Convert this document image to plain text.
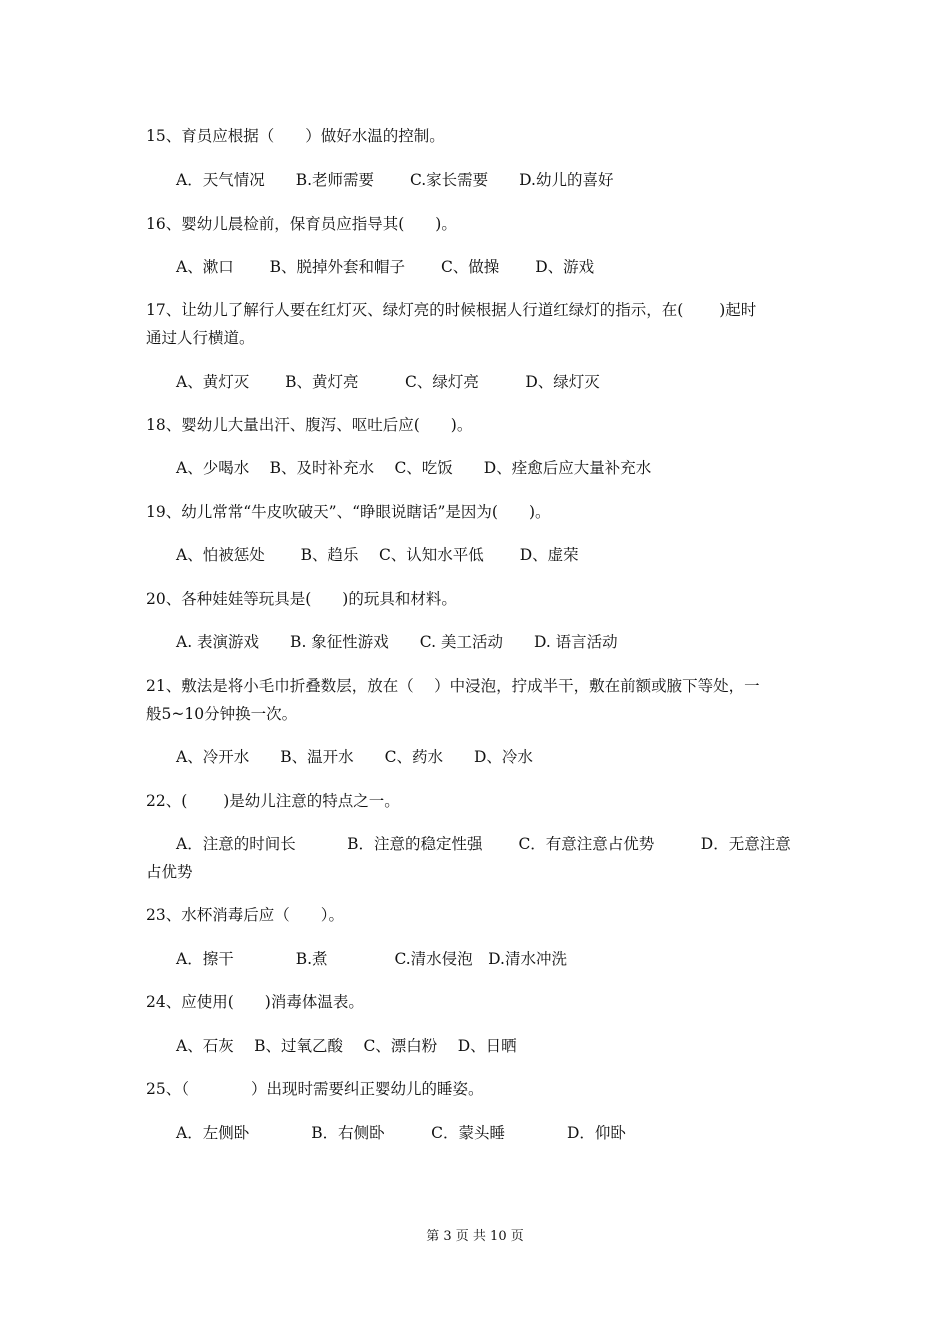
15、育员应根据（　　）做好水温的控制。
A．天气情况　　B.老师需要　　 C.家长需要　　D.幼儿的喜好
16、婴幼儿晨检前，保育员应指导其(　　)。
A、漱口　　 B、脱掉外套和帽子　　 C、做操　　 D、游戏
17、让幼儿了解行人要在红灯灭、绿灯亮的时候根据人行道红绿灯的指示，在(　　 )起时
通过人行横道。
A、黄灯灭　　 B、黄灯亮　　　C、绿灯亮　　　D、绿灯灭
18、婴幼儿大量出汗、腹泻、呕吐后应(　　)。
A、少喝水　 B、及时补充水　 C、吃饭　　D、痊愈后应大量补充水
19、幼儿常常“牛皮吹破天”、“睁眼说瞎话”是因为(　　)。
A、怕被惩处　　 B、趋乐　 C、认知水平低　　 D、虚荣
20、各种娃娃等玩具是(　　)的玩具和材料。
A. 表演游戏　　B. 象征性游戏　　C. 美工活动　　D. 语言活动
21、敷法是将小毛巾折叠数层，放在（　 ）中浸泡，拧成半干，敷在前额或腋下等处，一
般5~10分钟换一次。
A、冷开水　　B、温开水　　C、药水　　D、冷水
22、(　　 )是幼儿注意的特点之一。
A．注意的时间长　　　 B．注意的稳定性强　　 C．有意注意占优势　　　D．无意注意
占优势
23、水杯消毒后应（　　）。
A．擦干　　　　B.煮　　　　 C.清水侵泡　D.清水冲洗
24、应使用(　　)消毒体温表。
A、石灰　 B、过氧乙酸　 C、漂白粉　 D、日晒
25、（　　　　）出现时需要纠正婴幼儿的睡姿。
A．左侧卧　　　　B．右侧卧　　　C．蒙头睡　　　　D．仰卧
第 3 页 共 10 页
